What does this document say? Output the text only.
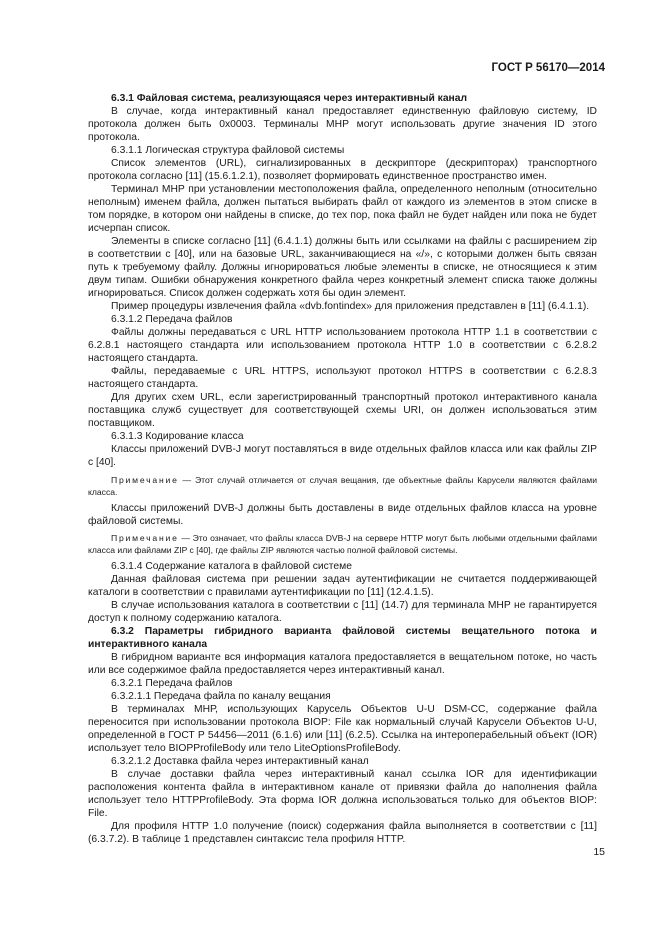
ГОСТ Р 56170—2014

6.3.1 Файловая система, реализующаяся через интерактивный канал

В случае, когда интерактивный канал предоставляет единственную файловую систему, ID протокола должен быть 0x0003. Терминалы МНР могут использовать другие значения ID этого протокола.

6.3.1.1 Логическая структура файловой системы

Список элементов (URL), сигнализированных в дескрипторе (дескрипторах) транспортного протокола согласно [11] (15.6.1.2.1), позволяет формировать единственное пространство имен.

Терминал МНР при установлении местоположения файла, определенного неполным (относительно неполным) именем файла, должен пытаться выбирать файл от каждого из элементов в этом списке в том порядке, в котором они найдены в списке, до тех пор, пока файл не будет найден или пока не будет исчерпан список.

Элементы в списке согласно [11] (6.4.1.1) должны быть или ссылками на файлы с расширением zip в соответствии с [40], или на базовые URL, заканчивающиеся на «/», с которыми должен быть связан путь к требуемому файлу. Должны игнорироваться любые элементы в списке, не относящиеся к этим двум типам. Ошибки обнаружения конкретного файла через конкретный элемент списка также должны игнорироваться. Список должен содержать хотя бы один элемент.

Пример процедуры извлечения файла «dvb.fontindex» для приложения представлен в [11] (6.4.1.1).

6.3.1.2 Передача файлов

Файлы должны передаваться с URL HTTP использованием протокола HTTP 1.1 в соответствии с 6.2.8.1 настоящего стандарта или использованием протокола HTTP 1.0 в соответствии с 6.2.8.2 настоящего стандарта.

Файлы, передаваемые с URL HTTPS, используют протокол HTTPS в соответствии с 6.2.8.3 настоящего стандарта.

Для других схем URL, если зарегистрированный транспортный протокол интерактивного канала поставщика служб существует для соответствующей схемы URI, он должен использоваться этим поставщиком.

6.3.1.3 Кодирование класса

Классы приложений DVB-J могут поставляться в виде отдельных файлов класса или как файлы ZIP с [40].

Примечание — Этот случай отличается от случая вещания, где объектные файлы Карусели являются файлами класса.

Классы приложений DVB-J должны быть доставлены в виде отдельных файлов класса на уровне файловой системы.

Примечание — Это означает, что файлы класса DVB-J на сервере HTTP могут быть любыми отдельными файлами класса или файлами ZIP с [40], где файлы ZIP являются частью полной файловой системы.

6.3.1.4 Содержание каталога в файловой системе

Данная файловая система при решении задач аутентификации не считается поддерживающей каталоги в соответствии с правилами аутентификации по [11] (12.4.1.5).

В случае использования каталога в соответствии с [11] (14.7) для терминала МНР не гарантируется доступ к полному содержанию каталога.

6.3.2 Параметры гибридного варианта файловой системы вещательного потока и интерактивного канала

В гибридном варианте вся информация каталога предоставляется в вещательном потоке, но часть или все содержимое файла предоставляется через интерактивный канал.

6.3.2.1 Передача файлов

6.3.2.1.1 Передача файла по каналу вещания

В терминалах МНР, использующих Карусель Объектов U-U DSM-CC, содержание файла переносится при использовании протокола BIOP: File как нормальный случай Карусели Объектов U-U, определенной в ГОСТ Р 54456—2011 (6.1.6) или [11] (6.2.5). Ссылка на интероперабельный объект (IOR) использует тело BIOPProfileBody или тело LiteOptionsProfileBody.

6.3.2.1.2 Доставка файла через интерактивный канал

В случае доставки файла через интерактивный канал ссылка IOR для идентификации расположения контента файла в интерактивном канале от привязки файла до наполнения файла использует тело HTTPProfileBody. Эта форма IOR должна использоваться только для объектов BIOP: File.

Для профиля HTTP 1.0 получение (поиск) содержания файла выполняется в соответствии с [11] (6.3.7.2). В таблице 1 представлен синтаксис тела профиля HTTP.

15
